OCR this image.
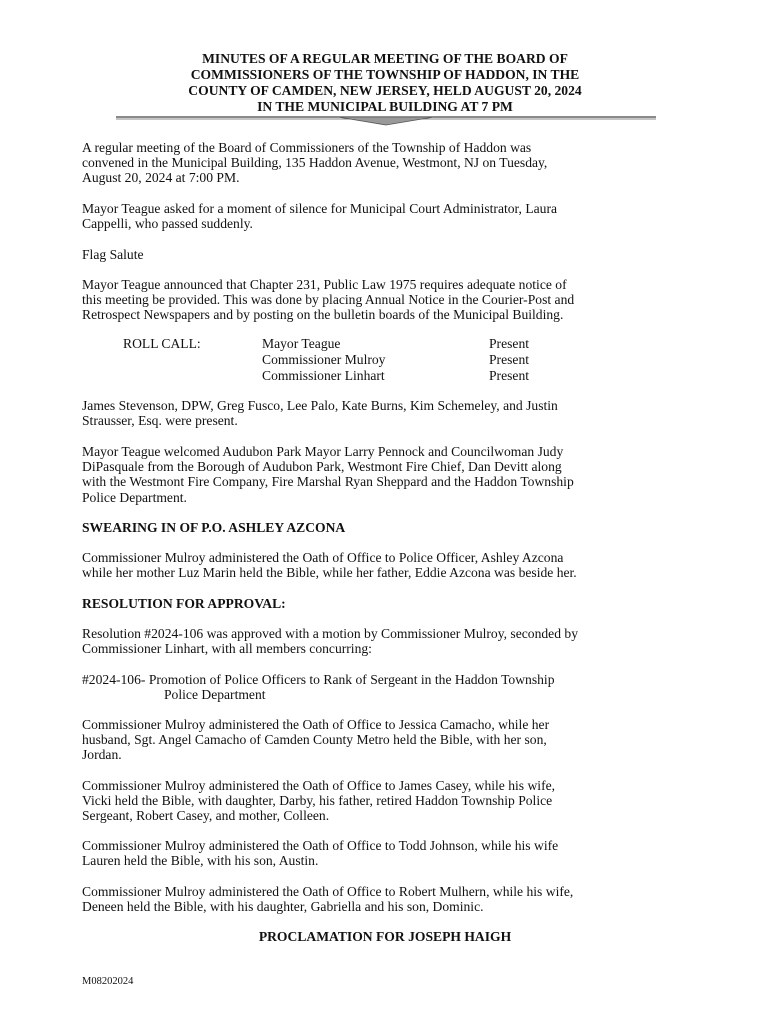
MINUTES OF A REGULAR MEETING OF THE BOARD OF
COMMISSIONERS OF THE TOWNSHIP OF HADDON, IN THE
COUNTY OF CAMDEN, NEW JERSEY, HELD AUGUST 20, 2024
IN THE MUNICIPAL BUILDING AT 7 PM
A regular meeting of the Board of Commissioners of the Township of Haddon was
convened in the Municipal Building, 135 Haddon Avenue, Westmont, NJ on Tuesday,
August 20, 2024 at 7:00 PM.
Mayor Teague asked for a moment of silence for Municipal Court Administrator, Laura
Cappelli, who passed suddenly.
Flag Salute
Mayor Teague announced that Chapter 231, Public Law 1975 requires adequate notice of
this meeting be provided. This was done by placing Annual Notice in the Courier-Post and
Retrospect Newspapers and by posting on the bulletin boards of the Municipal Building.
ROLL CALL:	Mayor Teague
Commissioner Mulroy
Commissioner Linhart
Present
Present
Present
James Stevenson, DPW, Greg Fusco, Lee Palo, Kate Burns, Kim Schemeley, and Justin
Strausser, Esq. were present.
Mayor Teague welcomed Audubon Park Mayor Larry Pennock and Councilwoman Judy
DiPasquale from the Borough of Audubon Park, Westmont Fire Chief, Dan Devitt along
with the Westmont Fire Company, Fire Marshal Ryan Sheppard and the Haddon Township
Police Department.
SWEARING IN OF P.O. ASHLEY AZCONA
Commissioner Mulroy administered the Oath of Office to Police Officer, Ashley Azcona
while her mother Luz Marin held the Bible, while her father, Eddie Azcona was beside her.
RESOLUTION FOR APPROVAL:
Resolution #2024-106 was approved with a motion by Commissioner Mulroy, seconded by
Commissioner Linhart, with all members concurring:
#2024-106- Promotion of Police Officers to Rank of Sergeant in the Haddon Township
Police Department
Commissioner Mulroy administered the Oath of Office to Jessica Camacho, while her
husband, Sgt. Angel Camacho of Camden County Metro held the Bible, with her son,
Jordan.
Commissioner Mulroy administered the Oath of Office to James Casey, while his wife,
Vicki held the Bible, with daughter, Darby, his father, retired Haddon Township Police
Sergeant, Robert Casey, and mother, Colleen.
Commissioner Mulroy administered the Oath of Office to Todd Johnson, while his wife
Lauren held the Bible, with his son, Austin.
Commissioner Mulroy administered the Oath of Office to Robert Mulhern, while his wife,
Deneen held the Bible, with his daughter, Gabriella and his son, Dominic.
PROCLAMATION FOR JOSEPH HAIGH
M08202024
